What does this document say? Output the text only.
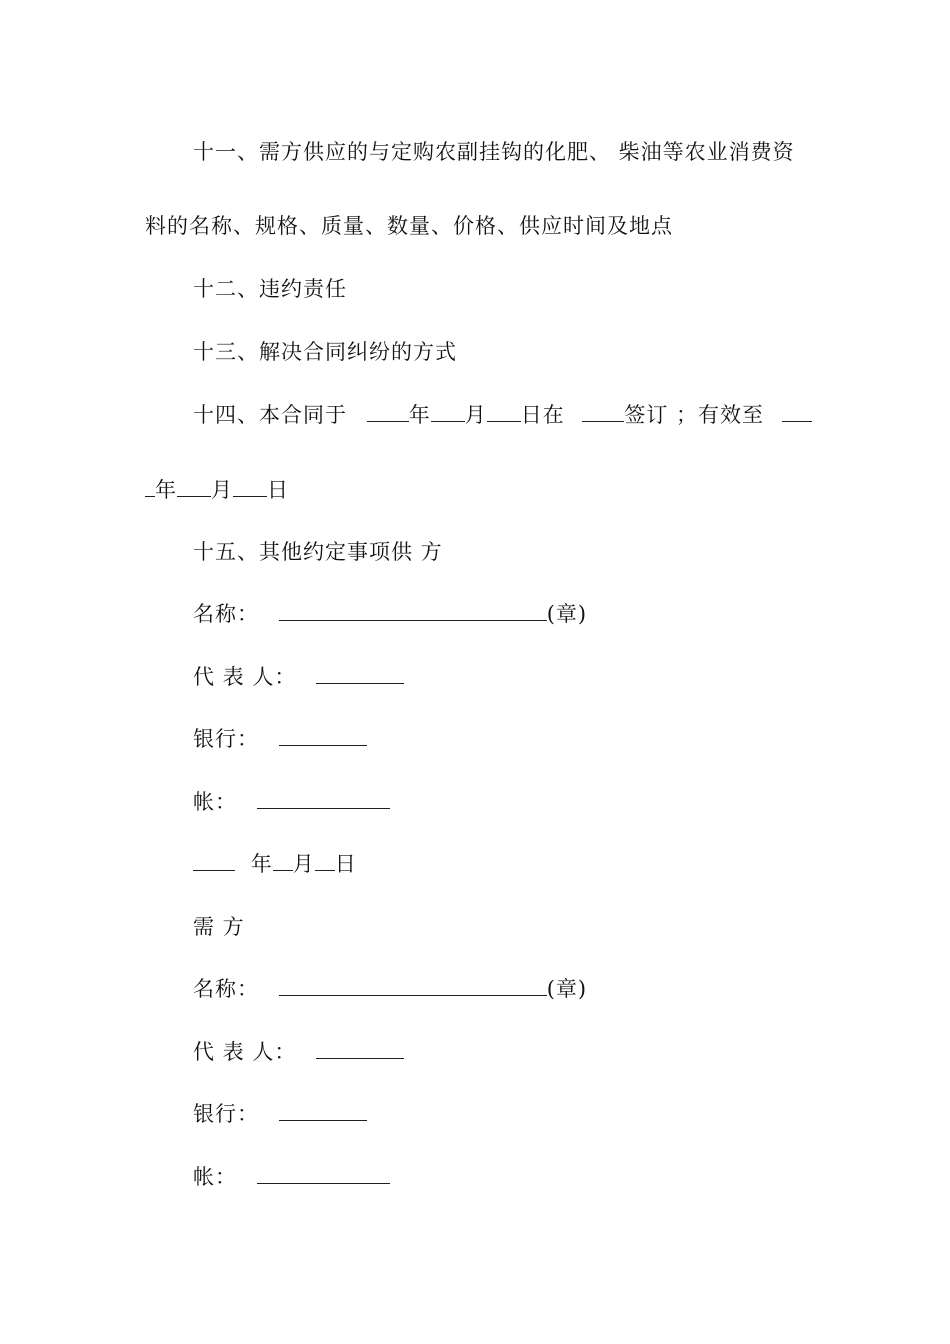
十一、需方供应的与定购农副挂钩的化肥、 柴油等农业消费资
料的名称、规格、质量、数量、价格、供应时间及地点
十二、违约责任
十三、解决合同纠纷的方式
十四、本合同于	年 月 日在	签订 ；有效至
年 月 日
十五、其他约定事项供 方
名称：	(章)
代 表 人：
银行：
帐：
年 月 日
需 方
名称：	(章)
代 表 人：
银行：
帐：
